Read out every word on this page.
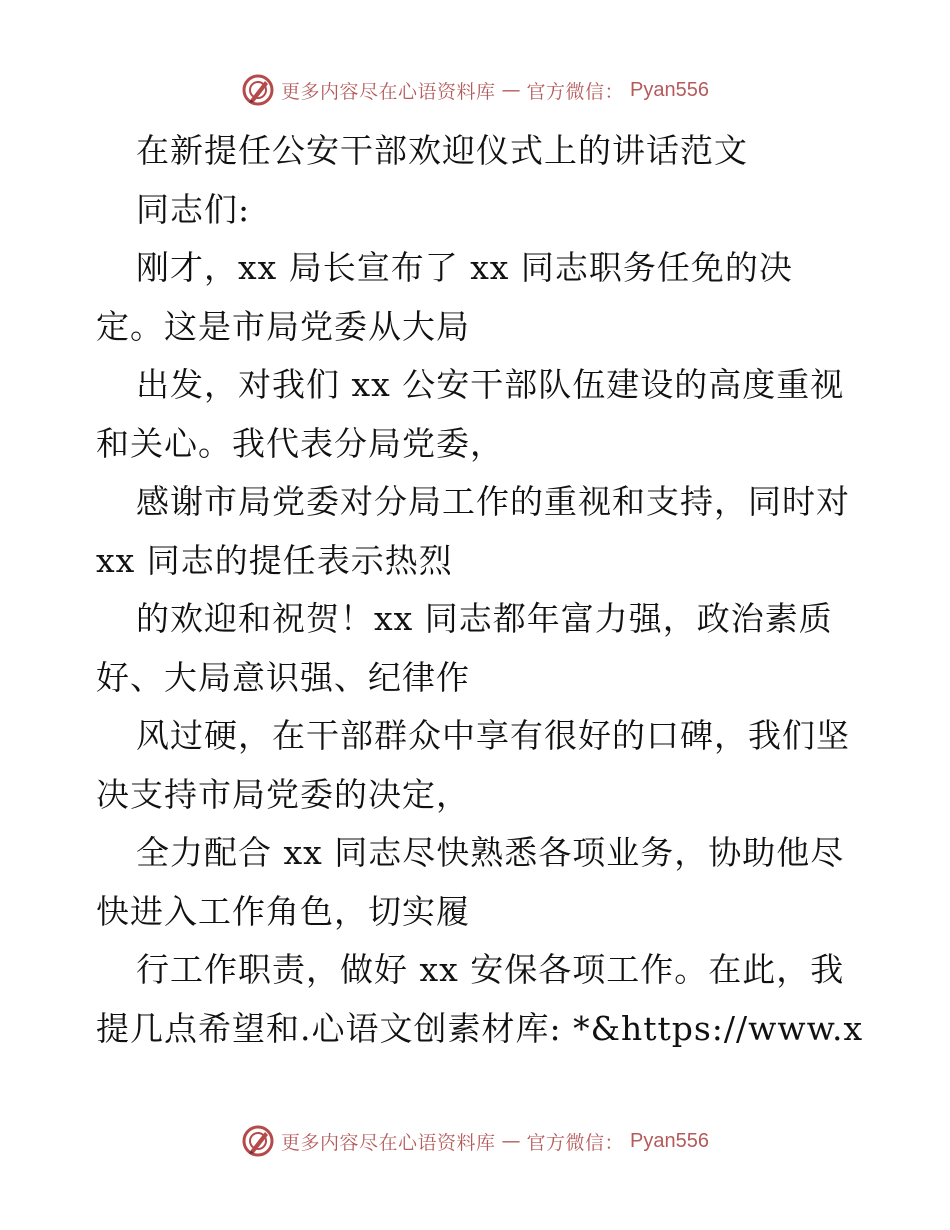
更多内容尽在心语资料库 — 官方微信： Pyan556
在新提任公安干部欢迎仪式上的讲话范文
同志们:
刚才，xx 局长宣布了 xx 同志职务任免的决
定。这是市局党委从大局
出发，对我们 xx 公安干部队伍建设的高度重视
和关心。我代表分局党委，
感谢市局党委对分局工作的重视和支持，同时对
xx 同志的提任表示热烈
的欢迎和祝贺！xx 同志都年富力强，政治素质
好、大局意识强、纪律作
风过硬，在干部群众中享有很好的口碑，我们坚
决支持市局党委的决定，
全力配合 xx 同志尽快熟悉各项业务，协助他尽
快进入工作角色，切实履
行工作职责，做好 xx 安保各项工作。在此，我
提几点希望和.心语文创素材库: *&https://www.x
更多内容尽在心语资料库 — 官方微信： Pyan556
